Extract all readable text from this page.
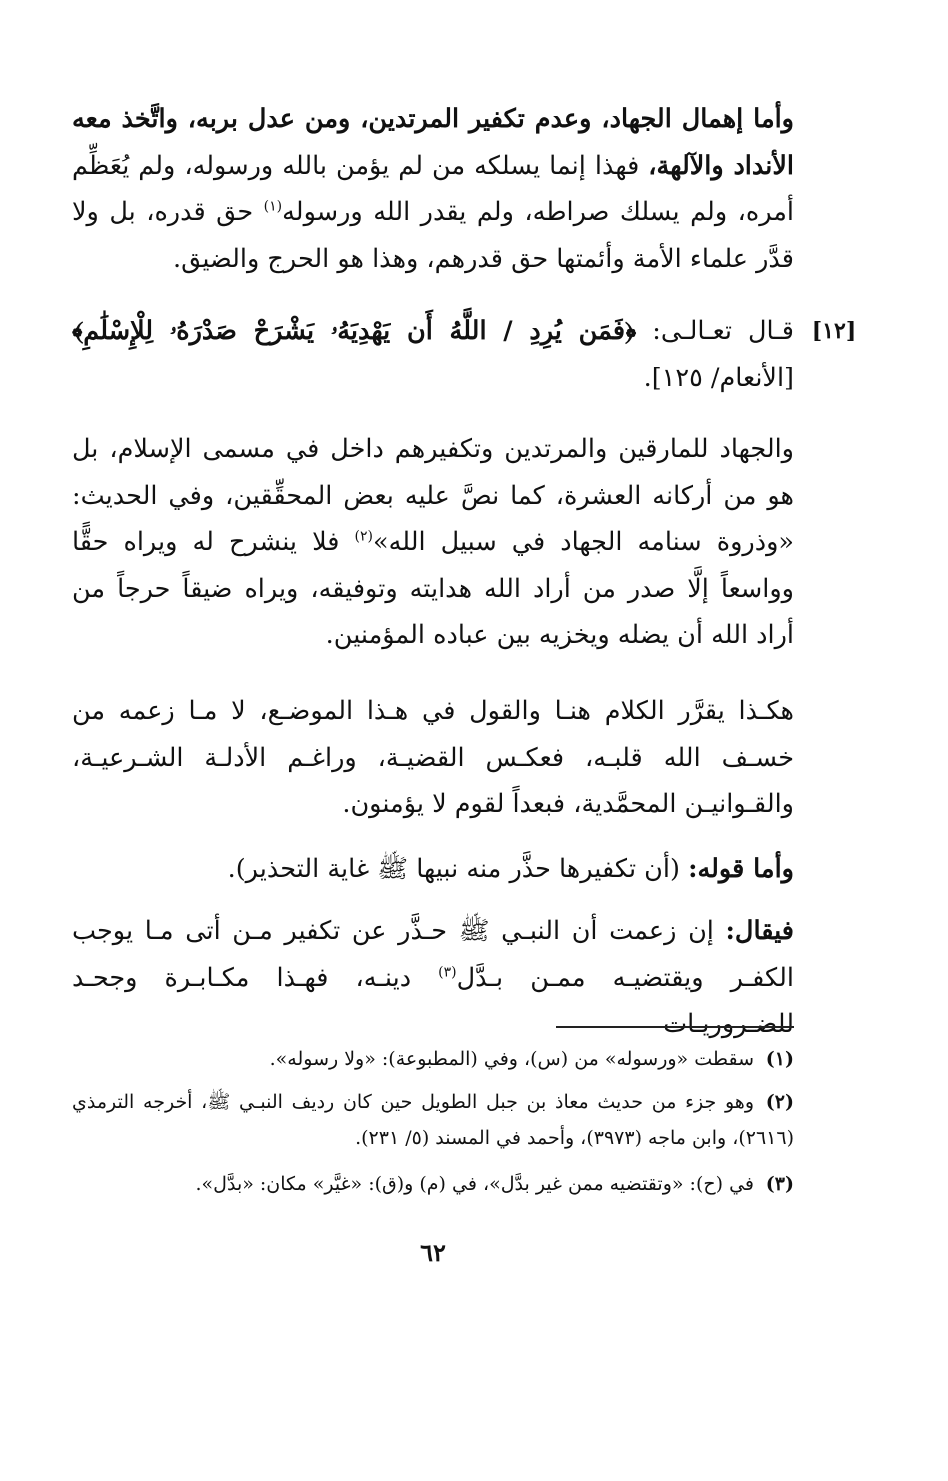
وأما إهمال الجهاد، وعدم تكفير المرتدين، ومن عدل بربه، واتَّخذ معه الأنداد والآلهة، فهذا إنما يسلكه من لم يؤمن بالله ورسوله، ولم يُعَظِّم أمره، ولم يسلك صراطه، ولم يقدر الله ورسوله$^{(١)}$ حق قدره، بل ولا قدَّر علماء الأمة وأئمتها حق قدرهم، وهذا هو الحرج والضيق.

[١٢]

قـال تعـالـى: ﴿فَمَن يُرِدِ / اللَّهُ أَن يَهْدِيَهُۥ يَشْرَحْ صَدْرَهُۥ لِلْإِسْلَٰمِ﴾ [الأنعام/ ١٢٥].

والجهاد للمارقين والمرتدين وتكفيرهم داخل في مسمى الإسلام، بل هو من أركانه العشرة، كما نصَّ عليه بعض المحقِّقين، وفي الحديث: «وذروة سنامه الجهاد في سبيل الله»$^{(٢)}$ فلا ينشرح له ويراه حقًّا وواسعاً إلَّا صدر من أراد الله هدايته وتوفيقه، ويراه ضيقاً حرجاً من أراد الله أن يضله ويخزيه بين عباده المؤمنين.

هكـذا يقرَّر الكلام هنـا والقول في هـذا الموضـع، لا مـا زعمه من خسـف الله قلبـه، فعكـس القضيـة، وراغـم الأدلـة الشـرعيـة، والقـوانيـن المحمَّدية، فبعداً لقوم لا يؤمنون.

وأما قوله: (أن تكفيرها حذَّر منه نبيها ﷺ غاية التحذير).

فيقال: إن زعمت أن النبـي ﷺ حـذَّر عن تكفير مـن أتى مـا يوجب الكفـر ويقتضيـه ممـن بـدَّل$^{(٣)}$ دينـه، فهـذا مكـابـرة وجحـد للضـروريـات

(١)سقطت «ورسوله» من (س)، وفي (المطبوعة): «ولا رسوله».

(٢)وهو جزء من حديث معاذ بن جبل الطويل حين كان رديف النبـي ﷺ، أخرجه الترمذي (٢٦١٦)، وابن ماجه (٣٩٧٣)، وأحمد في المسند (٥/ ٢٣١).

(٣)في (ح): «وتقتضيه ممن غير بدَّل»، في (م) و(ق): «غيَّر» مكان: «بدَّل».

٦٢
